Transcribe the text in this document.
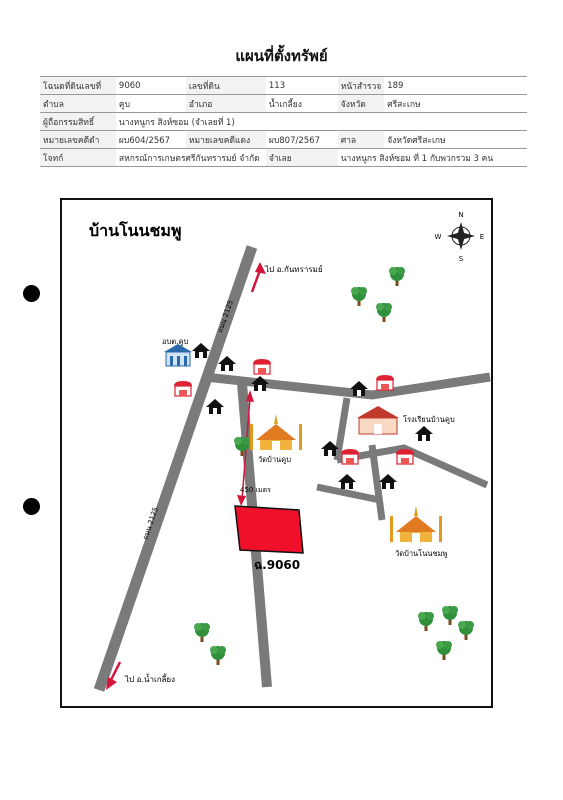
แผนที่ตั้งทรัพย์
โฉนดที่ดินเลขที่	9060	เลขที่ดิน	113	หน้าสำรวจ	189
ตำบล	คูบ	อำเภอ	น้ำเกลี้ยง	จังหวัด	ศรีสะเกษ
ผู้ถือกรรมสิทธิ์	นางหนูกร สิงห์ซอม (จำเลยที่ 1)				
หมายเลขคดีดำ	ผบ604/2567	หมายเลขคดีแดง	ผบ807/2567	ศาล	จังหวัดศรีสะเกษ
โจทก์	สหกรณ์การเกษตรศรีกันทรารมย์ จำกัด		จำเลย	นางหนูกร สิงห์ซอม ที่ 1 กับพวกรวม 3 คน	
N
S
E
W
บ้านโนนชมพู
ไป อ.กันทรารมย์
ไป อ.น้ำเกลี้ยง
ถนน 2125
ถนน 2125
อบต.คูบ
โรงเรียนบ้านคูบ
วัดบ้านคูบ
วัดบ้านโนนชมพู
450 เมตร
ฉ.9060
